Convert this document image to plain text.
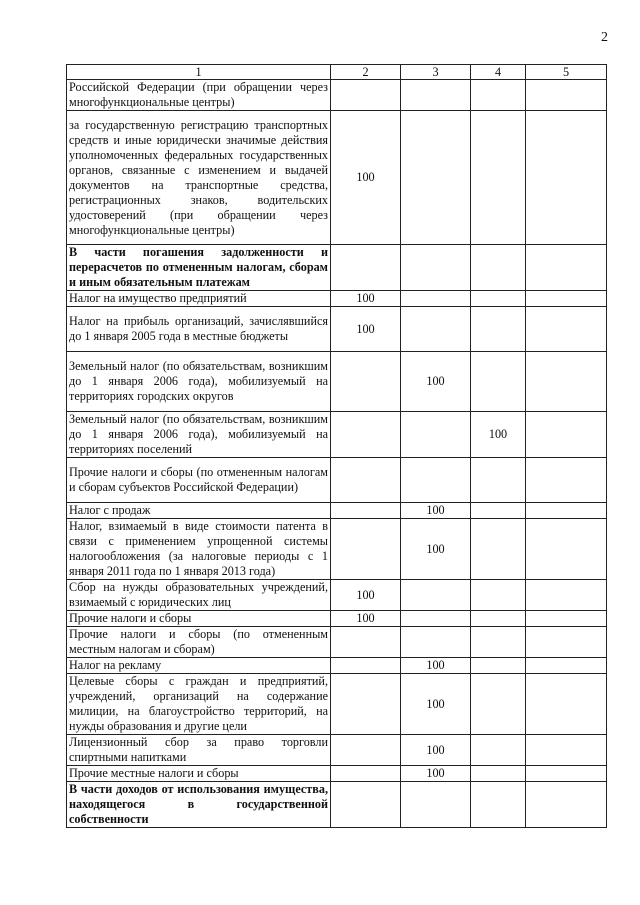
2
1	2	3	4	5
Российской Федерации (при обращении через многофункциональные центры)				
за государственную регистрацию транспортных средств и иные юридически значимые действия уполномоченных федеральных государственных органов, связанные с изменением и выдачей документов на транспортные средства, регистрационных знаков, водительских удостоверений (при обращении через многофункциональные центры)	100			
В части погашения задолженности и перерасчетов по отмененным налогам, сборам и иным обязательным платежам				
Налог на имущество предприятий	100			
Налог на прибыль организаций, зачислявшийся до 1 января 2005 года в местные бюджеты	100			
Земельный налог (по обязательствам, возникшим до 1 января 2006 года), мобилизуемый на территориях городских округов		100		
Земельный налог (по обязательствам, возникшим до 1 января 2006 года), мобилизуемый на территориях поселений			100	
Прочие налоги и сборы (по отмененным налогам и сборам субъектов Российской Федерации)				
Налог с продаж		100		
Налог, взимаемый в виде стоимости патента в связи с применением упрощенной системы налогообложения (за налоговые периоды с 1 января 2011 года по 1 января 2013 года)		100		
Сбор на нужды образовательных учреждений, взимаемый с юридических лиц	100			
Прочие налоги и сборы	100			
Прочие налоги и сборы (по отмененным местным налогам и сборам)				
Налог на рекламу		100		
Целевые сборы с граждан и предприятий, учреждений, организаций на содержание милиции, на благоустройство территорий, на нужды образования и другие цели		100		
Лицензионный сбор за право торговли спиртными напитками		100		
Прочие местные налоги и сборы		100		
В части доходов от использования имущества, находящегося в государственной собственности				
